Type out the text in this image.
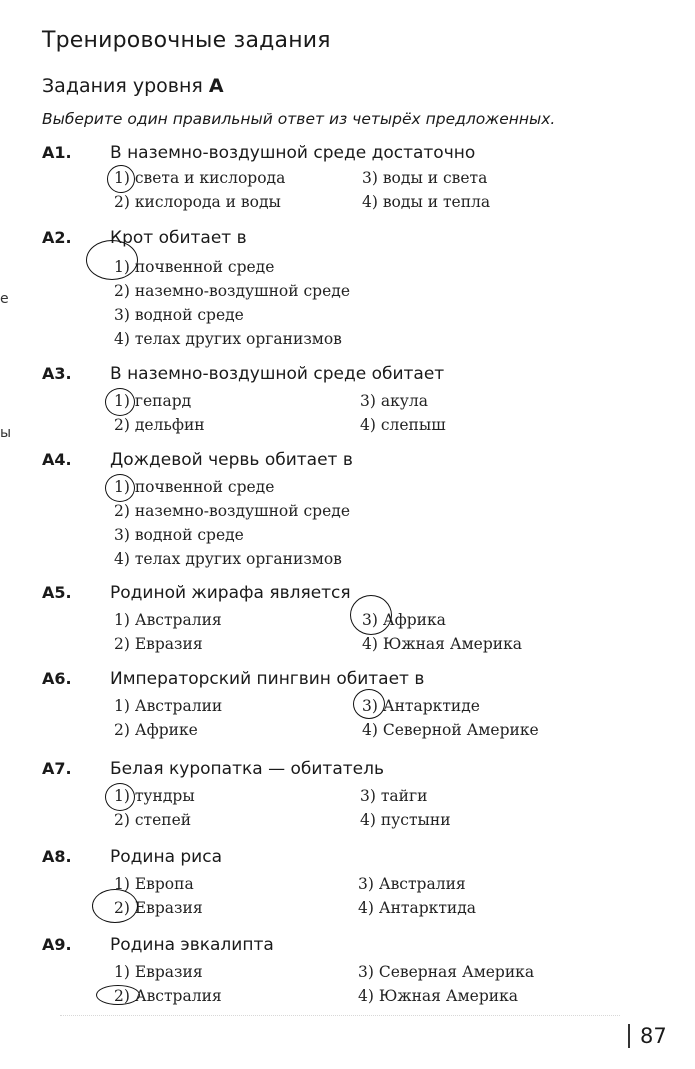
е
ы
Тренировочные задания
Задания уровня А
Выберите один правильный ответ из четырёх предложенных.
A1. В наземно-воздушной среде достаточно
1) света и кислорода
2) кислорода и воды
3) воды и света
4) воды и тепла
A2. Крот обитает в
1) почвенной среде
2) наземно-воздушной среде
3) водной среде
4) телах других организмов
A3. В наземно-воздушной среде обитает
1) гепард
2) дельфин
3) акула
4) слепыш
A4. Дождевой червь обитает в
1) почвенной среде
2) наземно-воздушной среде
3) водной среде
4) телах других организмов
A5. Родиной жирафа является
1) Австралия
2) Евразия
3) Африка
4) Южная Америка
A6. Императорский пингвин обитает в
1) Австралии
2) Африке
3) Антарктиде
4) Северной Америке
A7. Белая куропатка — обитатель
1) тундры
2) степей
3) тайги
4) пустыни
A8. Родина риса
1) Европа
2) Евразия
3) Австралия
4) Антарктида
A9. Родина эвкалипта
1) Евразия
2) Австралия
3) Северная Америка
4) Южная Америка
87
